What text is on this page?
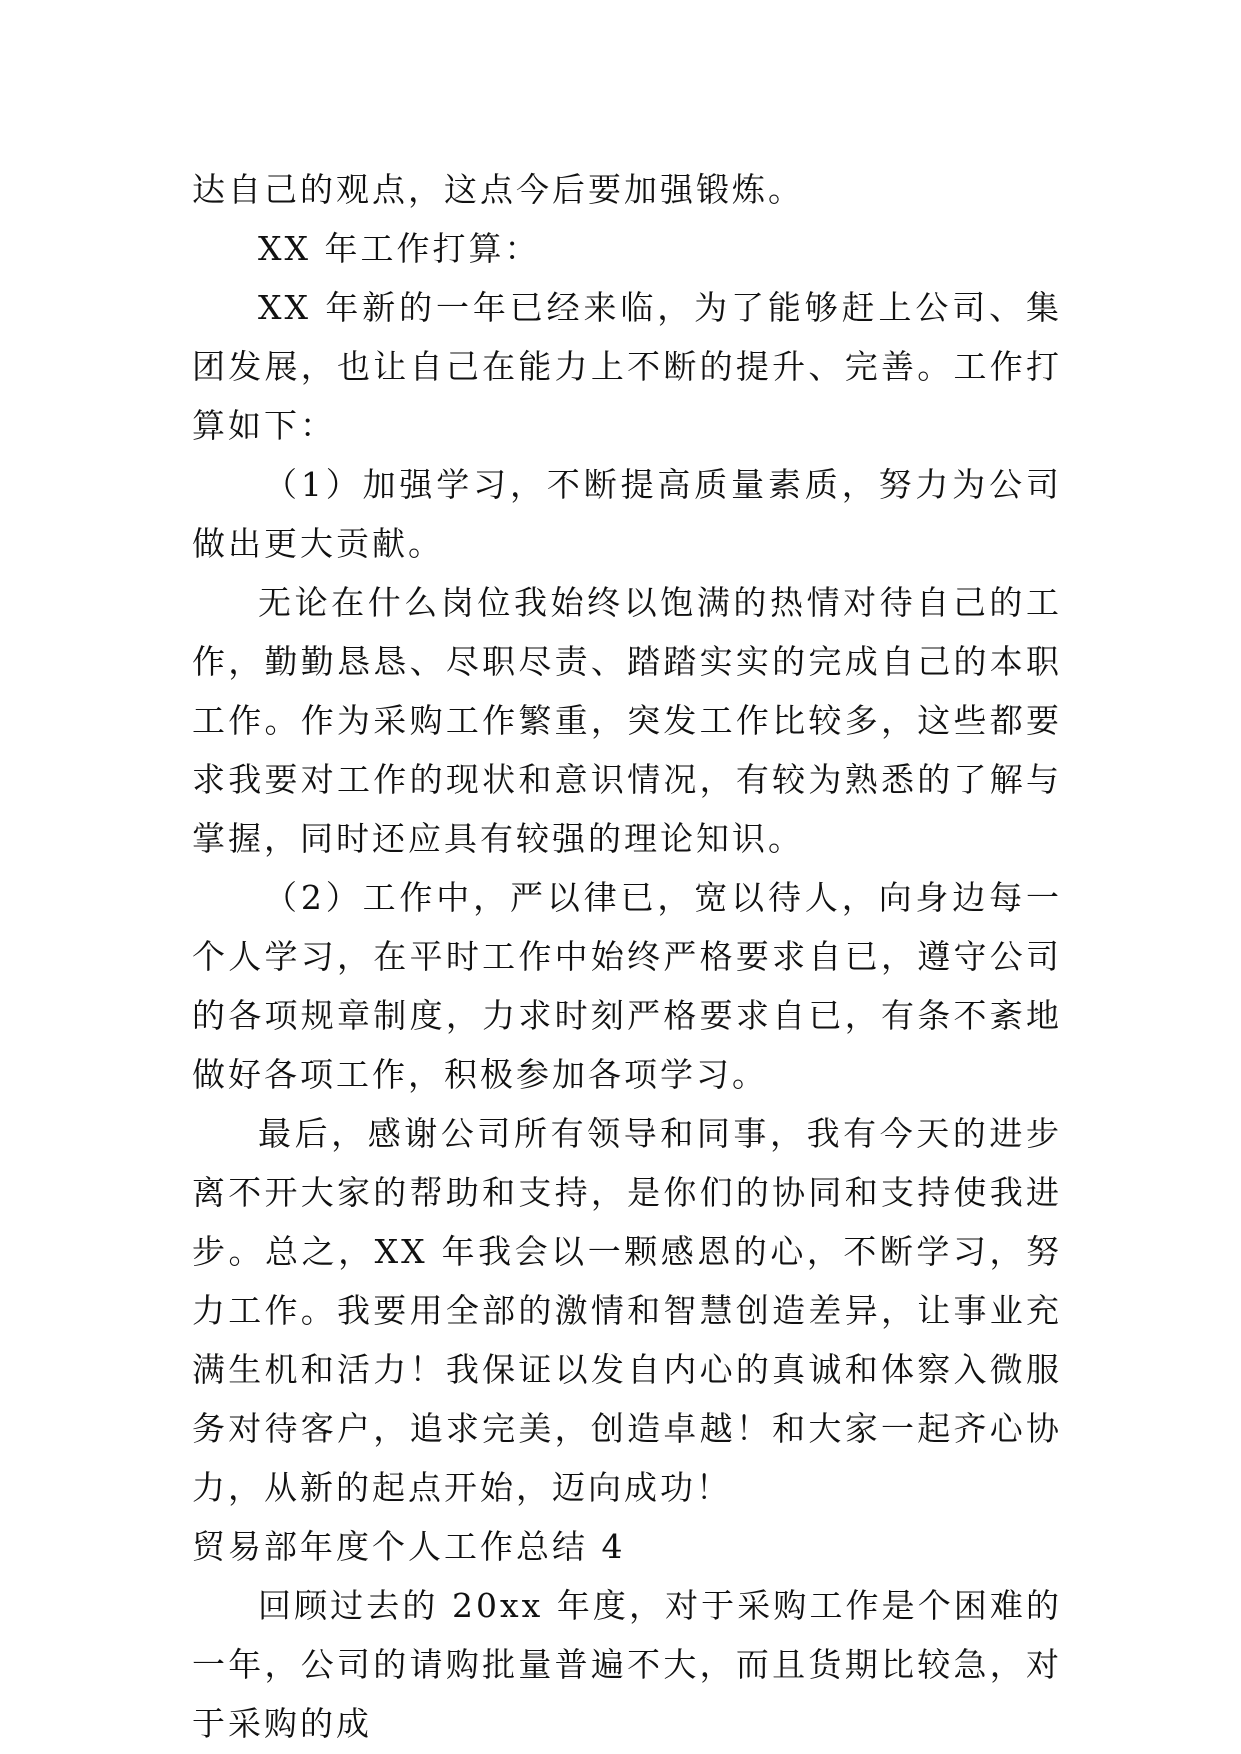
达自己的观点，这点今后要加强锻炼。

XX 年工作打算：

XX 年新的一年已经来临，为了能够赶上公司、集团发展，也让自己在能力上不断的提升、完善。工作打算如下：

（1）加强学习，不断提高质量素质，努力为公司做出更大贡献。

无论在什么岗位我始终以饱满的热情对待自己的工作，勤勤恳恳、尽职尽责、踏踏实实的完成自己的本职工作。作为采购工作繁重，突发工作比较多，这些都要求我要对工作的现状和意识情况，有较为熟悉的了解与掌握，同时还应具有较强的理论知识。

（2）工作中，严以律已，宽以待人，向身边每一个人学习，在平时工作中始终严格要求自已，遵守公司的各项规章制度，力求时刻严格要求自已，有条不紊地做好各项工作，积极参加各项学习。

最后，感谢公司所有领导和同事，我有今天的进步离不开大家的帮助和支持，是你们的协同和支持使我进步。总之，XX 年我会以一颗感恩的心，不断学习，努力工作。我要用全部的激情和智慧创造差异，让事业充满生机和活力！我保证以发自内心的真诚和体察入微服务对待客户，追求完美，创造卓越！和大家一起齐心协力，从新的起点开始，迈向成功！

贸易部年度个人工作总结 4

回顾过去的 20xx 年度，对于采购工作是个困难的一年，公司的请购批量普遍不大，而且货期比较急，对于采购的成
